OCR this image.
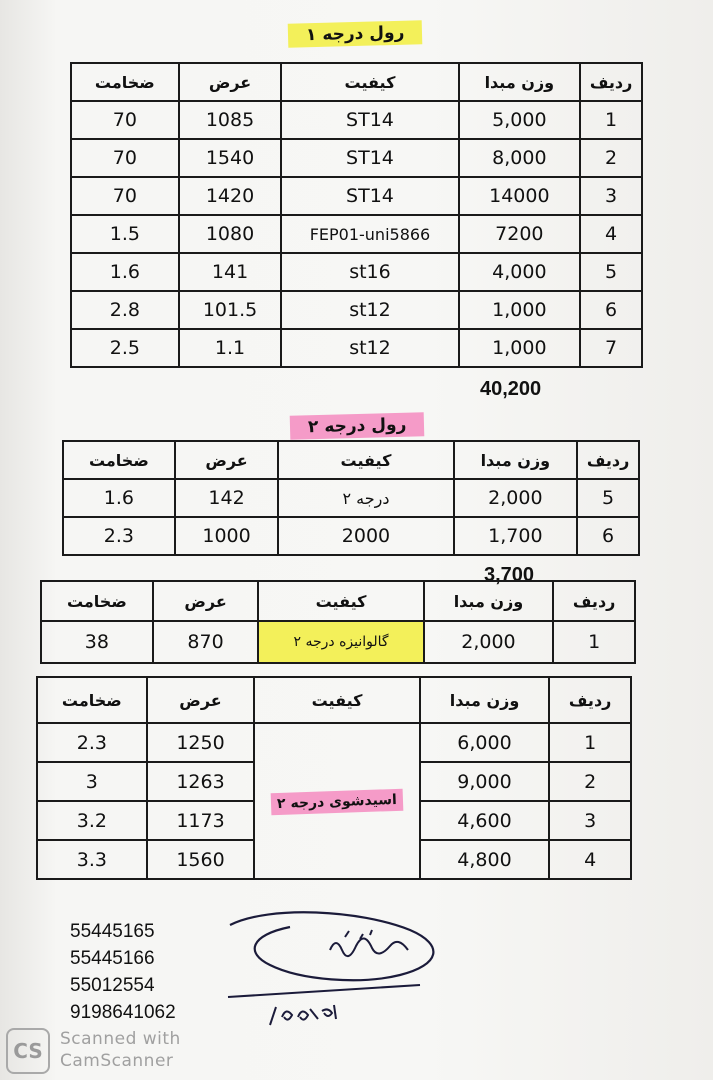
رول درجه ۱
ردیف	وزن مبدا	کیفیت	عرض	ضخامت
1	5,000	ST14	1085	70
2	8,000	ST14	1540	70
3	14000	ST14	1420	70
4	7200	FEP01-uni5866	1080	1.5
5	4,000	st16	141	1.6
6	1,000	st12	101.5	2.8
7	1,000	st12	1.1	2.5
40,200
رول درجه ۲
ردیف	وزن مبدا	کیفیت	عرض	ضخامت
5	2,000	درجه ۲	142	1.6
6	1,700	2000	1000	2.3
3,700
ردیف	وزن مبدا	کیفیت	عرض	ضخامت
1	2,000	گالوانیزه درجه ۲	870	38
ردیف	وزن مبدا	کیفیت	عرض	ضخامت
1	6,000	اسیدشوی درجه ۲	1250	2.3
2	9,000		1263	3
3	4,600		1173	3.2
4	4,800		1560	3.3
55445165
55445166
55012554
9198641062
CS	Scanned with
CamScanner
